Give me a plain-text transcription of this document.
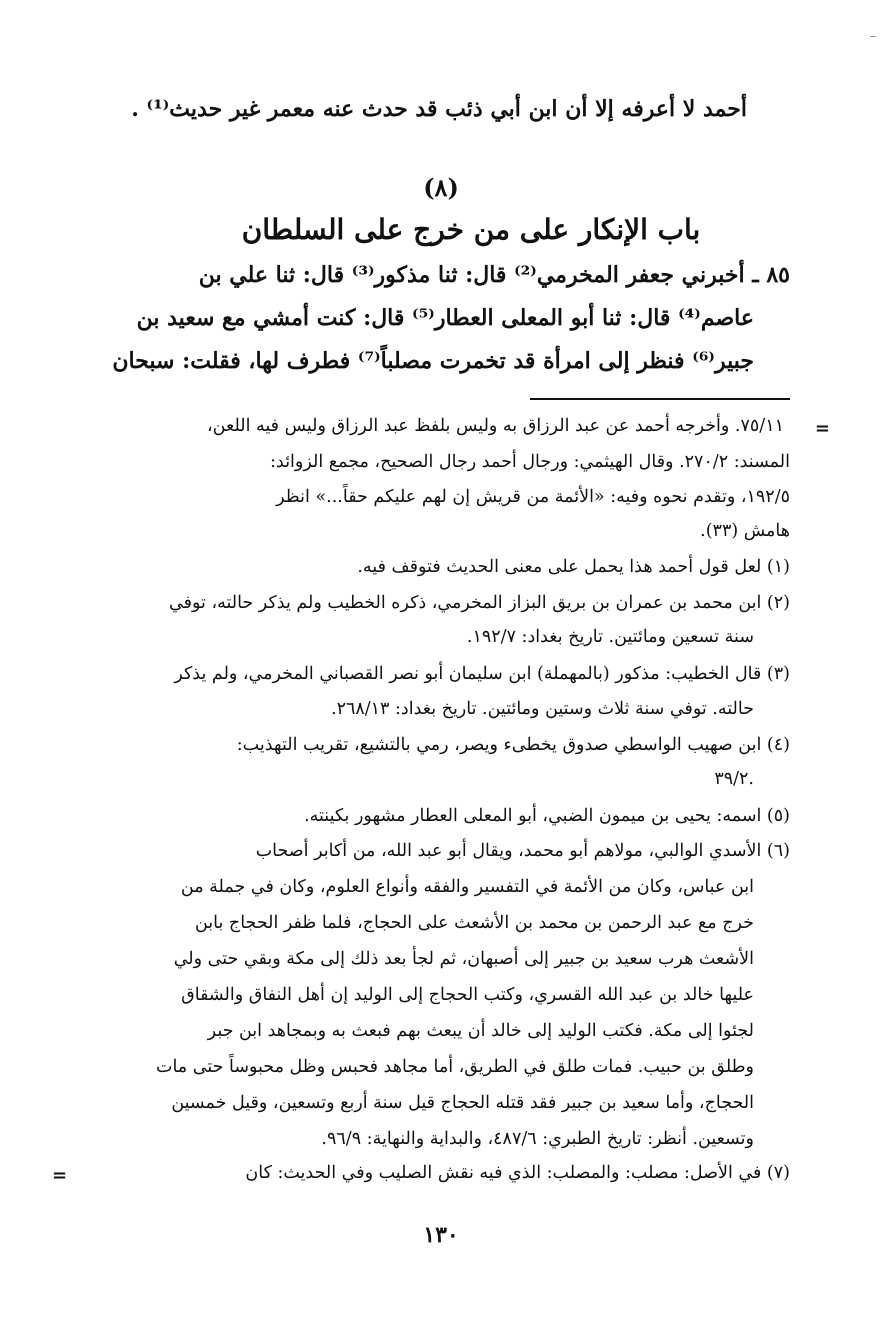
أحمد لا أعرفه إلا أن ابن أبي ذئب قد حدث عنه معمر غير حديث⁽¹⁾ .
(٨)
باب الإنكار على من خرج على السلطان
٨٥ ـ أخبرني جعفر المخرمي⁽²⁾ قال: ثنا مذكور⁽³⁾ قال: ثنا علي بن
عاصم⁽⁴⁾ قال: ثنا أبو المعلى العطار⁽⁵⁾ قال: كنت أمشي مع سعيد بن
جبير⁽⁶⁾ فنظر إلى امرأة قد تخمرت مصلباً⁽⁷⁾ فطرف لها، فقلت: سبحان
=
٧٥/١١. وأخرجه أحمد عن عبد الرزاق به وليس بلفظ عبد الرزاق وليس فيه اللعن،
المسند: ٢٧٠/٢. وقال الهيثمي: ورجال أحمد رجال الصحيح، مجمع الزوائد:
١٩٢/٥، وتقدم نحوه وفيه: «الأئمة من قريش إن لهم عليكم حقاً...» انظر
هامش (٣٣).
(١) لعل قول أحمد هذا يحمل على معنى الحديث فتوقف فيه.
(٢) ابن محمد بن عمران بن بريق البزاز المخرمي، ذكره الخطيب ولم يذكر حالته، توفي
سنة تسعين ومائتين. تاريخ بغداد: ١٩٢/٧.
(٣) قال الخطيب: مذكور (بالمهملة) ابن سليمان أبو نصر القصباني المخرمي، ولم يذكر
حالته. توفي سنة ثلاث وستين ومائتين. تاريخ بغداد: ٢٦٨/١٣.
(٤) ابن صهيب الواسطي صدوق يخطىء ويصر، رمي بالتشيع، تقريب التهذيب:
.٣٩/٢
(٥) اسمه: يحيى بن ميمون الضبي، أبو المعلى العطار مشهور بكينته.
(٦) الأسدي الوالبي، مولاهم أبو محمد، ويقال أبو عبد الله، من أكابر أصحاب
ابن عباس، وكان من الأئمة في التفسير والفقه وأنواع العلوم، وكان في جملة من
خرج مع عبد الرحمن بن محمد بن الأشعث على الحجاج، فلما ظفر الحجاج بابن
الأشعث هرب سعيد بن جبير إلى أصبهان، ثم لجأ بعد ذلك إلى مكة وبقي حتى ولي
عليها خالد بن عبد الله القسري، وكتب الحجاج إلى الوليد إن أهل النفاق والشقاق
لجئوا إلى مكة. فكتب الوليد إلى خالد أن يبعث بهم فبعث به وبمجاهد ابن جبر
وطلق بن حبيب. فمات طلق في الطريق، أما مجاهد فحبس وظل محبوساً حتى مات
الحجاج، وأما سعيد بن جبير فقد قتله الحجاج قيل سنة أربع وتسعين، وقيل خمسين
وتسعين. أنظر: تاريخ الطبري: ٤٨٧/٦، والبداية والنهاية: ٩٦/٩.
(٧) في الأصل: مصلب: والمصلب: الذي فيه نقش الصليب وفي الحديث: كان
=
١٣٠
